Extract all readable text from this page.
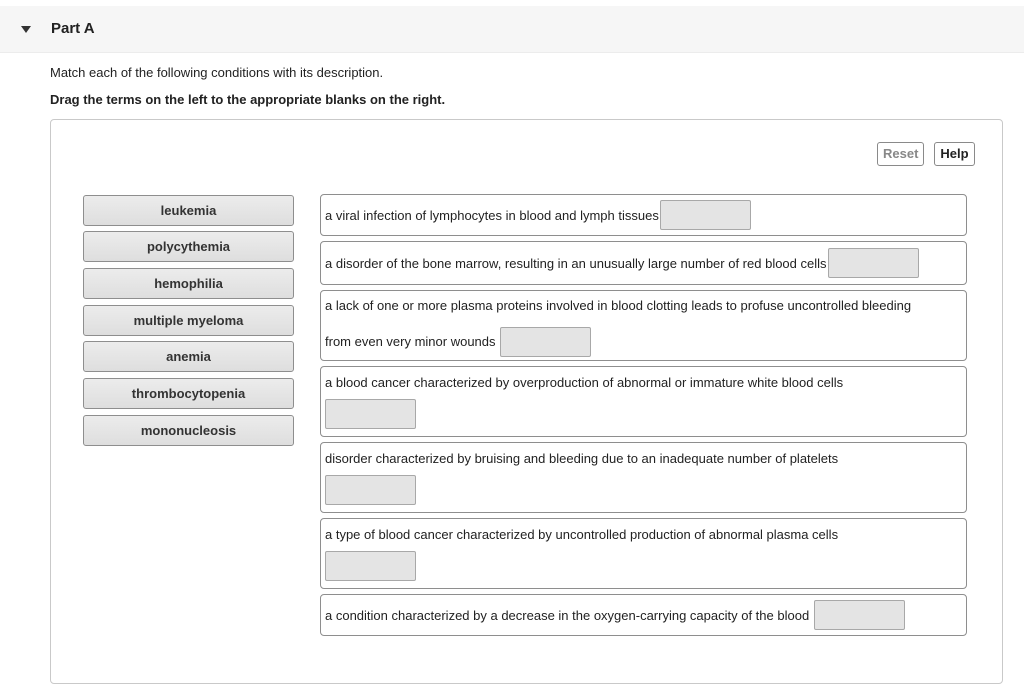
Part A
Match each of the following conditions with its description.
Drag the terms on the left to the appropriate blanks on the right.
Reset	Help
leukemia
polycythemia
hemophilia
multiple myeloma
anemia
thrombocytopenia
mononucleosis
a viral infection of lymphocytes in blood and lymph tissues
a disorder of the bone marrow, resulting in an unusually large number of red blood cells
a lack of one or more plasma proteins involved in blood clotting leads to profuse uncontrolled bleeding
from even very minor wounds
a blood cancer characterized by overproduction of abnormal or immature white blood cells
disorder characterized by bruising and bleeding due to an inadequate number of platelets
a type of blood cancer characterized by uncontrolled production of abnormal plasma cells
a condition characterized by a decrease in the oxygen-carrying capacity of the blood
